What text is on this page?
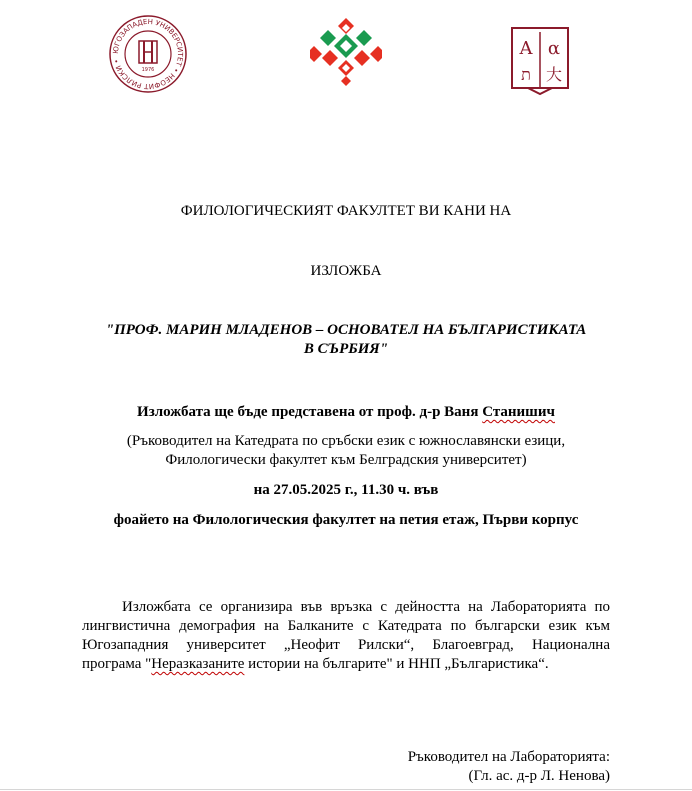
ЮГОЗАПАДЕН УНИВЕРСИТЕТ • НЕОФИТ РИЛСКИ •
1976
Α α
ת 大
ФИЛОЛОГИЧЕСКИЯТ ФАКУЛТЕТ ВИ КАНИ НА
ИЗЛОЖБА
"ПРОФ. МАРИН МЛАДЕНОВ – ОСНОВАТЕЛ НА БЪЛГАРИСТИКАТА
В СЪРБИЯ"
Изложбата ще бъде представена от проф. д-р Ваня Станишич
(Ръководител на Катедрата по сръбски език с южнославянски езици,
Филологически факултет към Белградския университет)
на 27.05.2025 г., 11.30 ч. във
фоайето на Филологическия факултет на петия етаж, Първи корпус
Изложбата се организира във връзка с дейността на Лабораторията по
лингвистична демография на Балканите с Катедрата по български език към
Югозападния университет „Неофит Рилски“, Благоевград, Национална
програма "Неразказаните истории на българите" и ННП „Българистика“.
Ръководител на Лабораторията:
(Гл. ас. д-р Л. Ненова)
